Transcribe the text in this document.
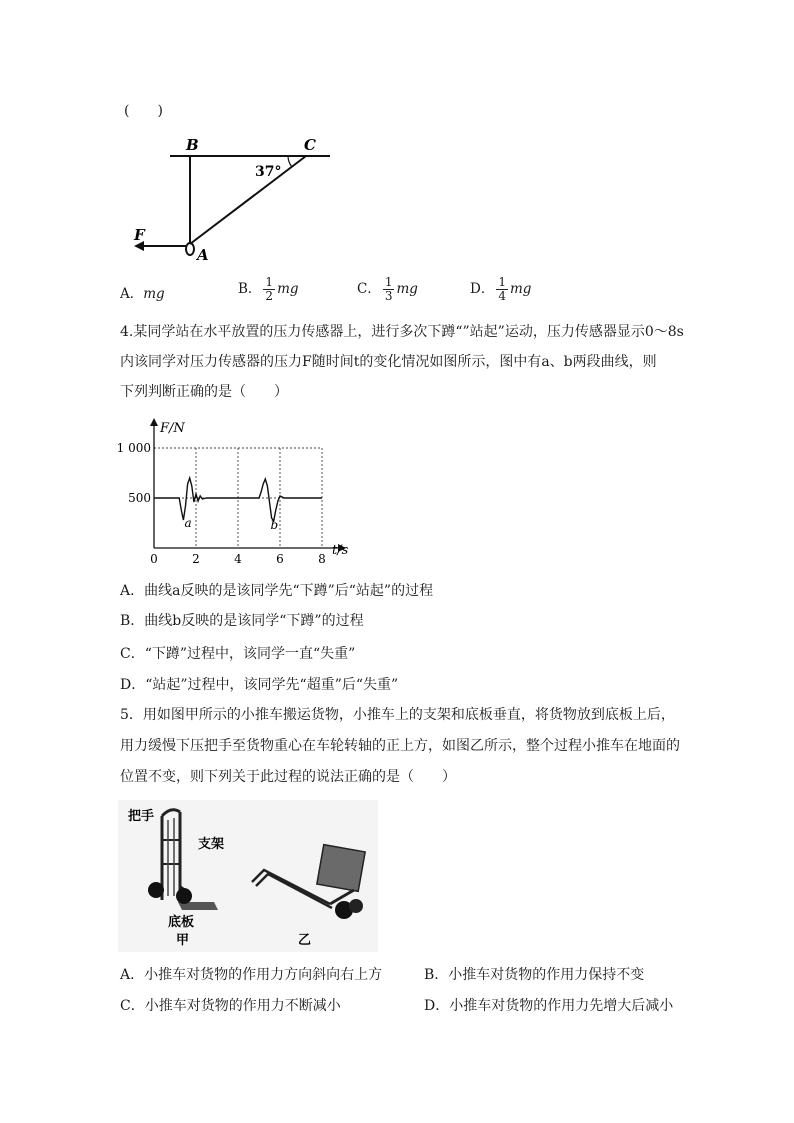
(　　)
B	C
A
F
37°
A．mg	B． $\frac{1}{2}$ mg	C． $\frac{1}{3}$ mg	D． $\frac{1}{4}$ mg
4.某同学站在水平放置的压力传感器上，进行多次下蹲“”站起”运动，压力传感器显示0～8s
内该同学对压力传感器的压力F随时间t的变化情况如图所示，图中有a、b两段曲线，则
下列判断正确的是（　　）
1 000
500
0	2	4	6	8
F/N
t/s
a	b
A．曲线a反映的是该同学先“下蹲”后“站起”的过程
B．曲线b反映的是该同学“下蹲”的过程
C．“下蹲”过程中，该同学一直“失重”
D．“站起”过程中，该同学先“超重”后“失重”
5．用如图甲所示的小推车搬运货物，小推车上的支架和底板垂直，将货物放到底板上后，
用力缓慢下压把手至货物重心在车轮转轴的正上方，如图乙所示，整个过程小推车在地面的
位置不变，则下列关于此过程的说法正确的是（　　）
把手
支架
底板
甲	乙
A．小推车对货物的作用力方向斜向右上方	B．小推车对货物的作用力保持不变
C．小推车对货物的作用力不断减小	D．小推车对货物的作用力先增大后减小
